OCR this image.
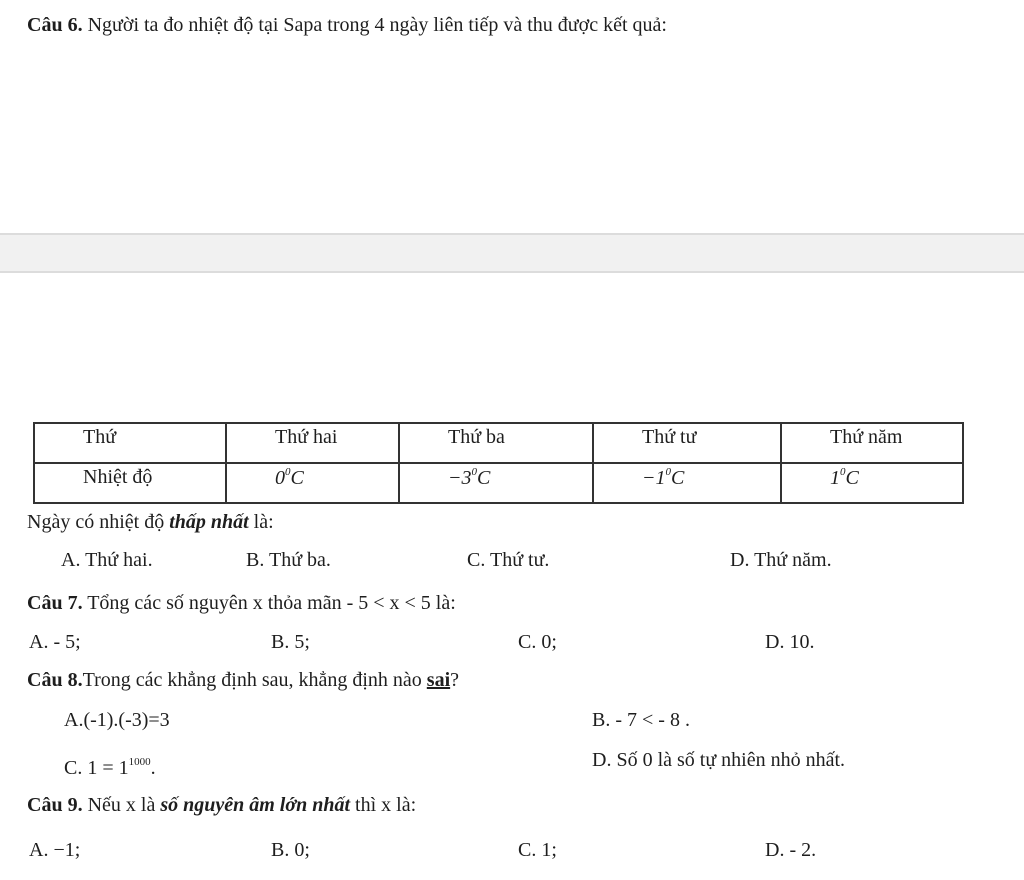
Câu 6. Người ta đo nhiệt độ tại Sapa trong 4 ngày liên tiếp và thu được kết quả:
Thứ	Thứ hai	Thứ ba	Thứ tư	Thứ năm
Nhiệt độ	$0^0C$	$-3^0C$	$-1^0C$	$1^0C$
Ngày có nhiệt độ thấp nhất là:
A. Thứ hai.	B. Thứ ba.	C. Thứ tư.	D. Thứ năm.
Câu 7. Tổng các số nguyên x thỏa mãn - 5 < x < 5 là:
A. - 5;	B. 5;	C. 0;	D. 10.
Câu 8.Trong các khẳng định sau, khẳng định nào sai?
A.(-1).(-3)=3	B. - 7 < - 8 .
C. $1 = 1^{1000}$.	D. Số 0 là số tự nhiên nhỏ nhất.
Câu 9. Nếu x là số nguyên âm lớn nhất thì x là:
A. −1;	B. 0;	C. 1;	D. - 2.
